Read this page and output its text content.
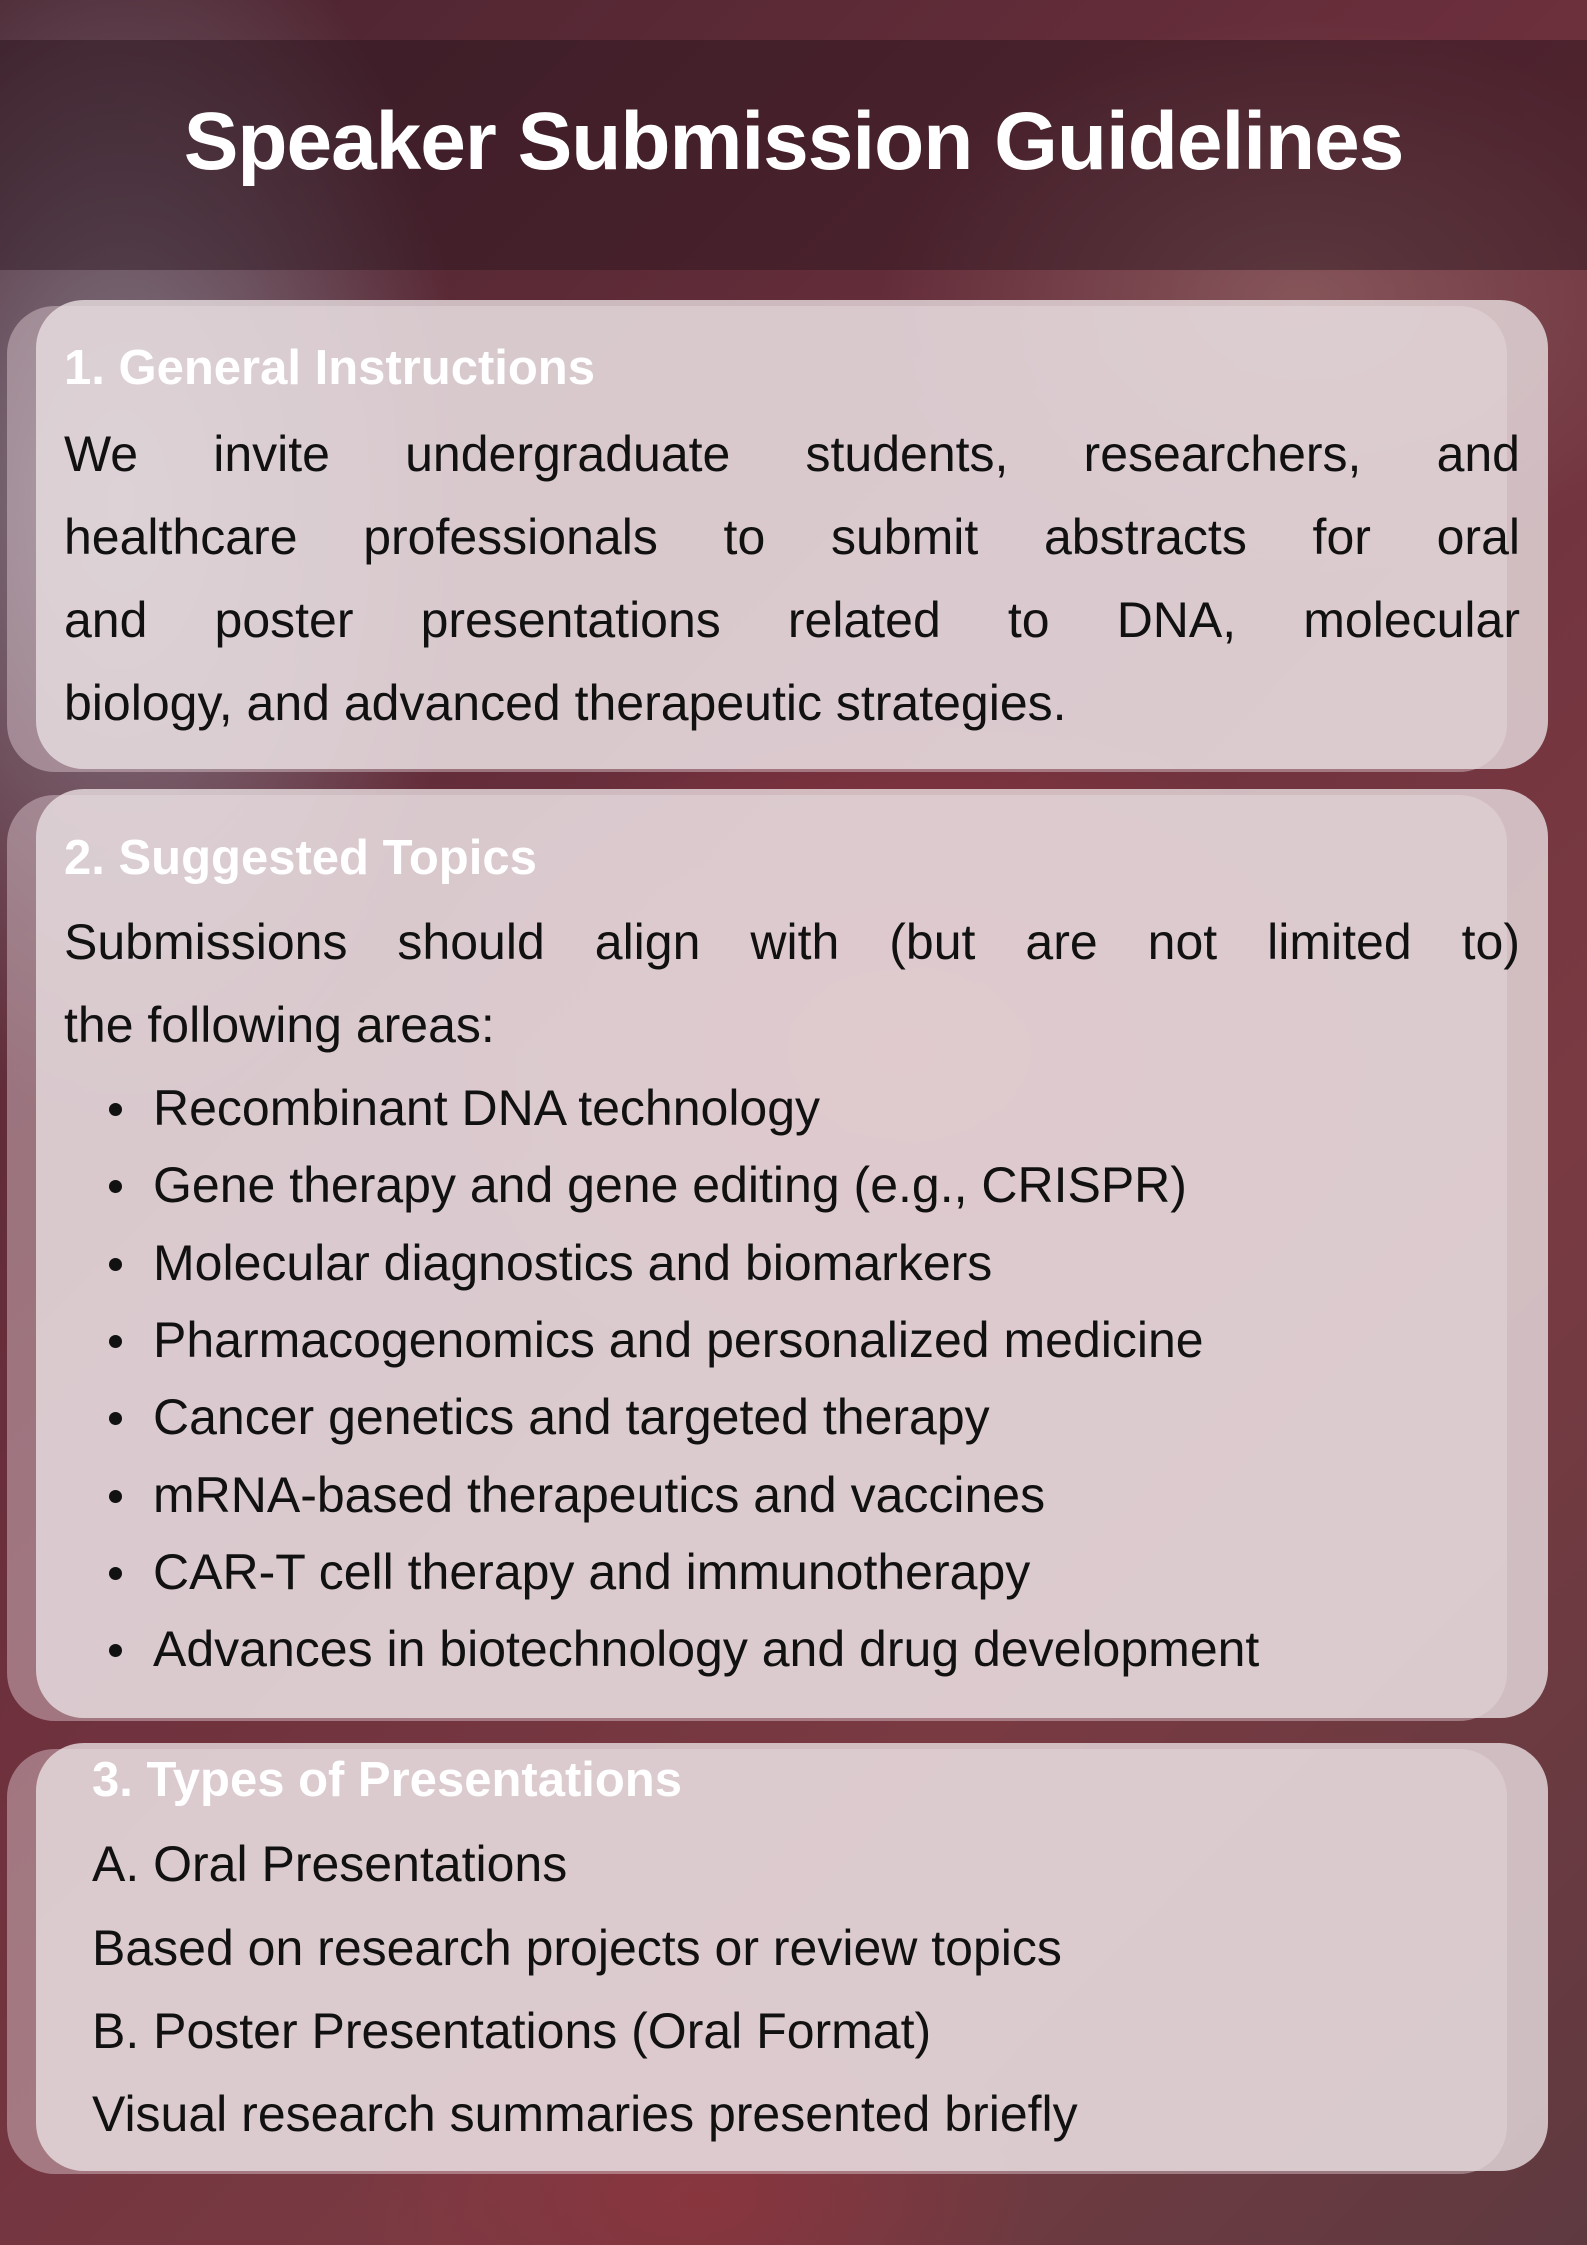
Speaker Submission Guidelines
1. General Instructions
We invite undergraduate students, researchers, and
healthcare professionals to submit abstracts for oral
and poster presentations related to DNA, molecular
biology, and advanced therapeutic strategies.
2. Suggested Topics
Submissions should align with (but are not limited to)
the following areas:
Recombinant DNA technology
Gene therapy and gene editing (e.g., CRISPR)
Molecular diagnostics and biomarkers
Pharmacogenomics and personalized medicine
Cancer genetics and targeted therapy
mRNA-based therapeutics and vaccines
CAR-T cell therapy and immunotherapy
Advances in biotechnology and drug development
3. Types of Presentations
A. Oral Presentations
Based on research projects or review topics
B. Poster Presentations (Oral Format)
Visual research summaries presented briefly
